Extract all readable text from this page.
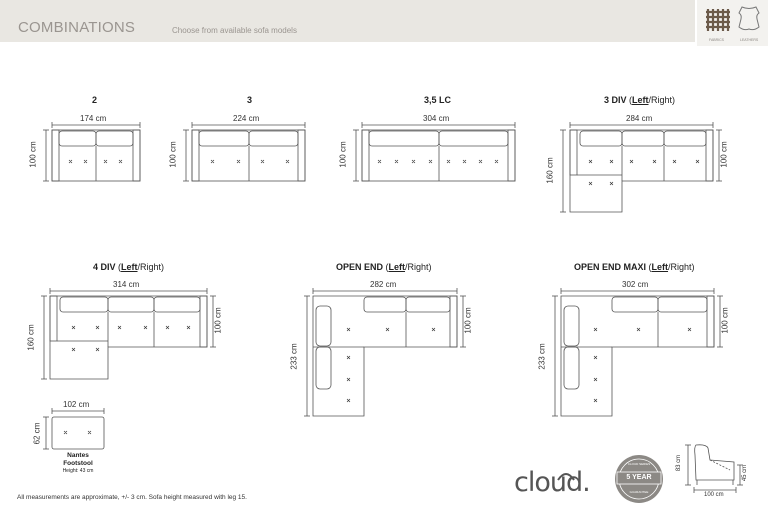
COMBINATIONS	Choose from available sofa models
FABRICS	LEATHERS
2	3	3,5 LC	3 DIV (Left/Right)
4 DIV (Left/Right)	OPEN END (Left/Right)	OPEN END MAXI (Left/Right)
174 cm
100 cm
224 cm
100 cm
304 cm
100 cm
284 cm
100 cm
160 cm
314 cm
100 cm
160 cm
282 cm
100 cm
233 cm
302 cm
100 cm
233 cm
102 cm
62 cm
Nantes
Footstool
Height: 43 cm	83 cm
45 cm
100 cm
5 YEAR
CLOUD SERIES
GUARANTEE
cloud.
All measurements are approximate, +/- 3 cm. Sofa height measured with leg 15.
